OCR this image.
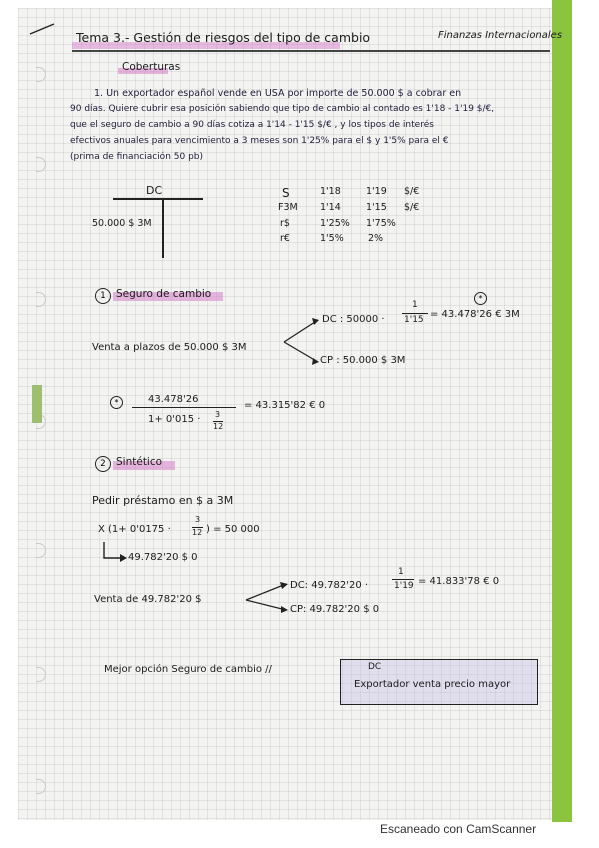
Tema 3.- Gestión de riesgos del tipo de cambio	Finanzas Internacionales
Coberturas
1. Un exportador español vende en USA por importe de 50.000 $ a cobrar en
90 días. Quiere cubrir esa posición sabiendo que tipo de cambio al contado es 1'18 - 1'19 $/€,
que el seguro de cambio a 90 días cotiza a 1'14 - 1'15 $/€ , y los tipos de interés
efectivos anuales para vencimiento a 3 meses son 1'25% para el $ y 1'5% para el €
(prima de financiación 50 pb)
DC
50.000 $ 3M
S	1'18	1'19 $/€
F3M 1'14	1'15 $/€
r$	1'25% 1'75%
r€	1'5%	2%
1 Seguro de cambio
Venta a plazos de 50.000 $ 3M
DC : 50000 ·
1
1'15 = 43.478'26 € 3M
*
CP : 50.000 $ 3M
*	43.478'26
1+ 0'015 · 3
12
= 43.315'82 € 0
2 Sintético
Pedir préstamo en $ a 3M
X (1+ 0'0175 ·
3
12 ) = 50 000
49.782'20 $ 0
Venta de 49.782'20 $
DC: 49.782'20 ·
1
1'19 = 41.833'78 € 0
CP: 49.782'20 $ 0
Mejor opción Seguro de cambio //	DC
Exportador venta precio mayor
Escaneado con CamScanner
